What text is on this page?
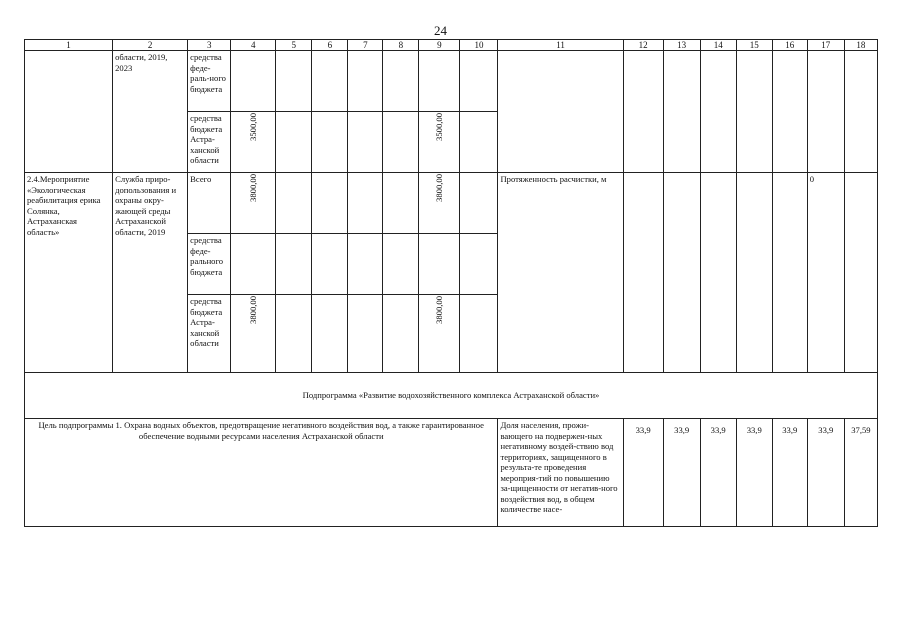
24
1	2	3	4	5	6	7	8	9	10	11	12	13	14	15	16	17	18
	области, 2019, 2023	средства феде-раль-ного бюджета	

		средства бюджета Астра-ханской области	3500,00					3500,00									

2.4.Мероприятие «Экологическая реабилитация ерика Солянка, Астраханская область»	Служба приро-допользования и охраны окру-жающей среды Астраханской области, 2019	Всего	3800,00					3800,00		Протяженность расчистки, м						0	
		средства феде-рального бюджета									

		средства бюджета Астра-ханской области	3800,00					3800,00									

Подпрограмма «Развитие водохозяйственного комплекса Астраханской области»																	
Цель подпрограммы 1. Охрана водных объектов, предотвращение негативного воздействия вод, а также гарантированное обеспечение водными ресурсами населения Астраханской области										Доля населения, прожи-вающего на подвержен-ных негативному воздей-ствию вод территориях, защищенного в результа-те проведения мероприя-тий по повышению за-щищенности от негатив-ного воздействия вод, в общем количестве насе-	33,9	33,9	33,9	33,9	33,9	33,9	37,59
